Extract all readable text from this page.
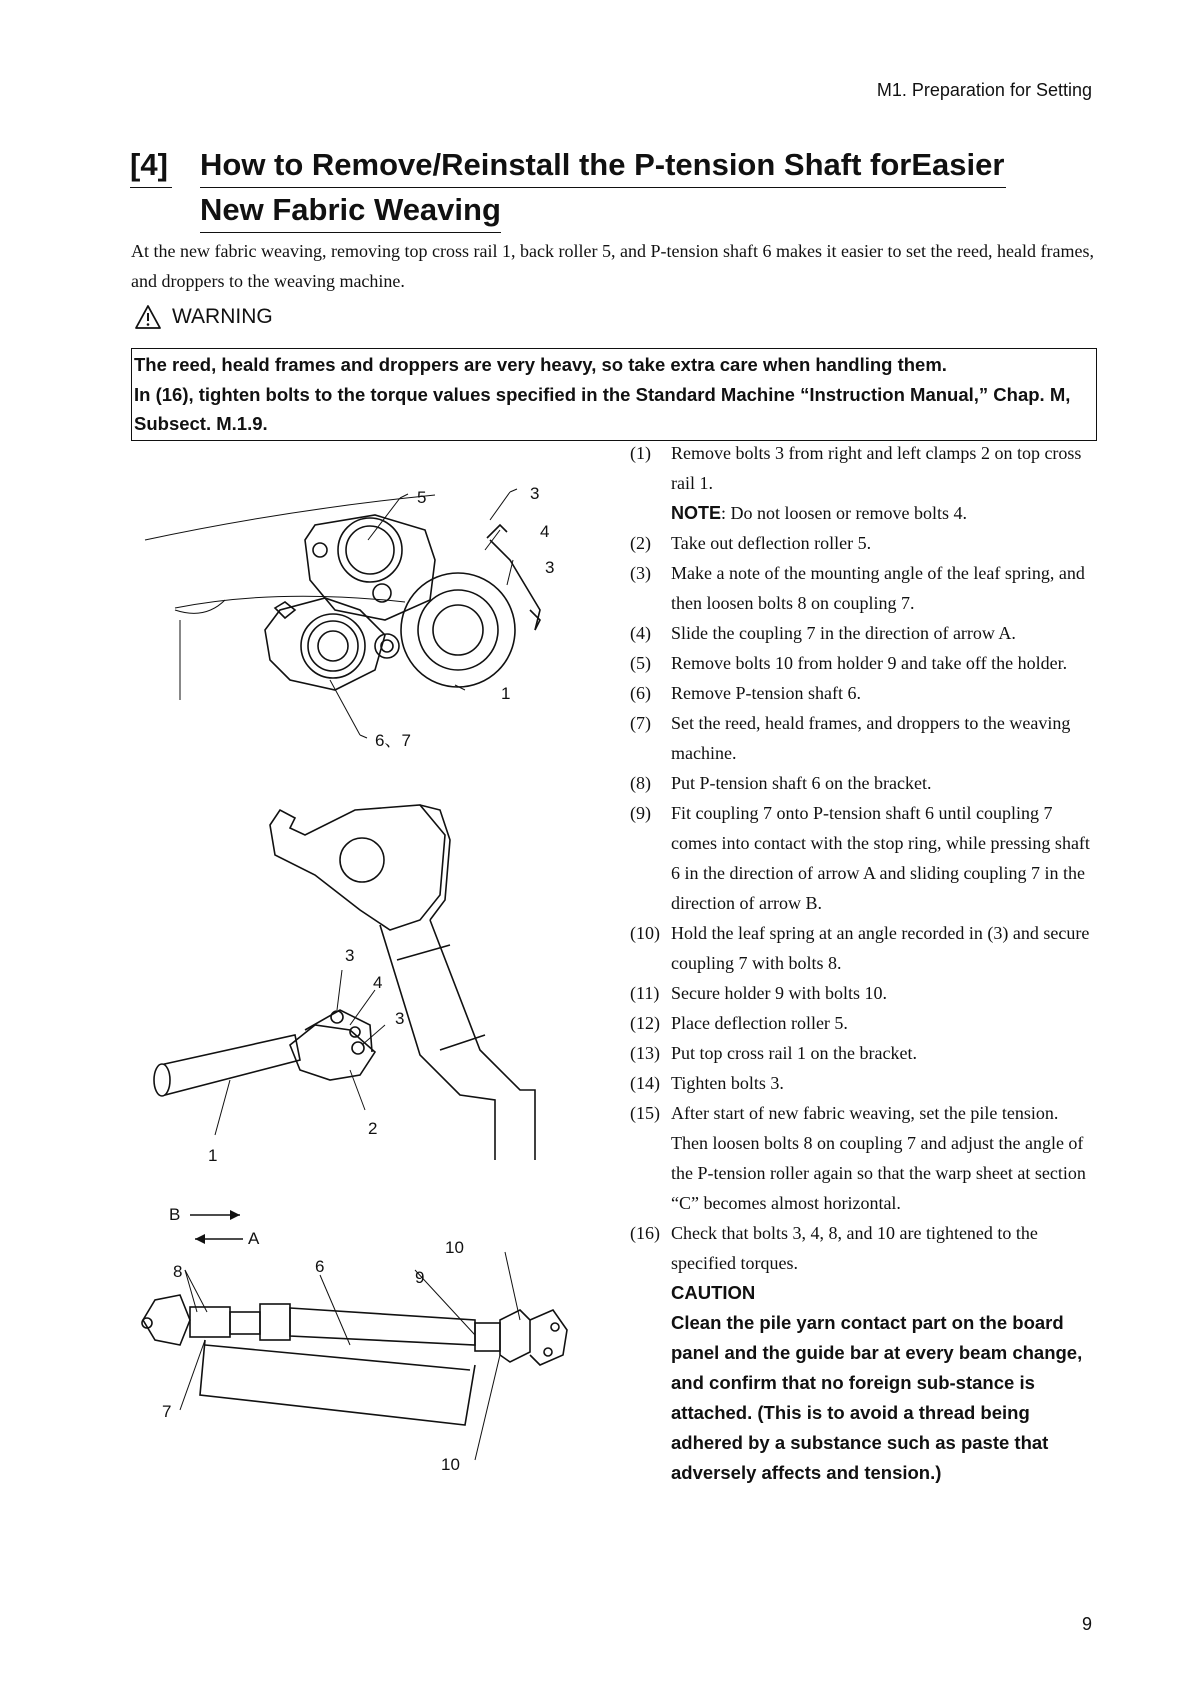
M1. Preparation for Setting
[4] How to Remove/Reinstall the P-tension Shaft forEasier
New Fabric Weaving
At the new fabric weaving, removing top cross rail 1, back roller 5, and P-tension shaft 6 makes it easier to set the reed, heald frames, and droppers to the weaving machine.
WARNING
The reed, heald frames and droppers are very heavy, so take extra care when handling them.
In (16), tighten bolts to the torque values specified in the Standard Machine “Instruction Manual,” Chap. M, Subsect. M.1.9.
5	3
4
3
1
6、7
3
4
3
2
1
B
A
8	6
9
10
7
10
(1)	Remove bolts 3 from right and left clamps 2 on top cross rail 1.
NOTE: Do not loosen or remove bolts 4.
(2)	Take out deflection roller 5.
(3)	Make a note of the mounting angle of the leaf spring, and then loosen bolts 8 on coupling 7.
(4)	Slide the coupling 7 in the direction of arrow A.
(5)	Remove bolts 10 from holder 9 and take off the holder.
(6)	Remove P-tension shaft 6.
(7)	Set the reed, heald frames, and droppers to the weaving machine.
(8)	Put P-tension shaft 6 on the bracket.
(9)	Fit coupling 7 onto P-tension shaft 6 until coupling 7 comes into contact with the stop ring, while pressing shaft 6 in the direction of arrow A and sliding coupling 7 in the direction of arrow B.
(10) Hold the leaf spring at an angle recorded in (3) and secure coupling 7 with bolts 8.
(11) Secure holder 9 with bolts 10.
(12) Place deflection roller 5.
(13) Put top cross rail 1 on the bracket.
(14) Tighten bolts 3.
(15) After start of new fabric weaving, set the pile tension. Then loosen bolts 8 on coupling 7 and adjust the angle of the P-tension roller again so that the warp sheet at section “C” becomes almost horizontal.
(16) Check that bolts 3, 4, 8, and 10 are tightened to the specified torques.
CAUTION
Clean the pile yarn contact part on the board panel and the guide bar at every beam change, and confirm that no foreign sub-stance is attached. (This is to avoid a thread being adhered by a substance such as paste that adversely affects and tension.)
9
